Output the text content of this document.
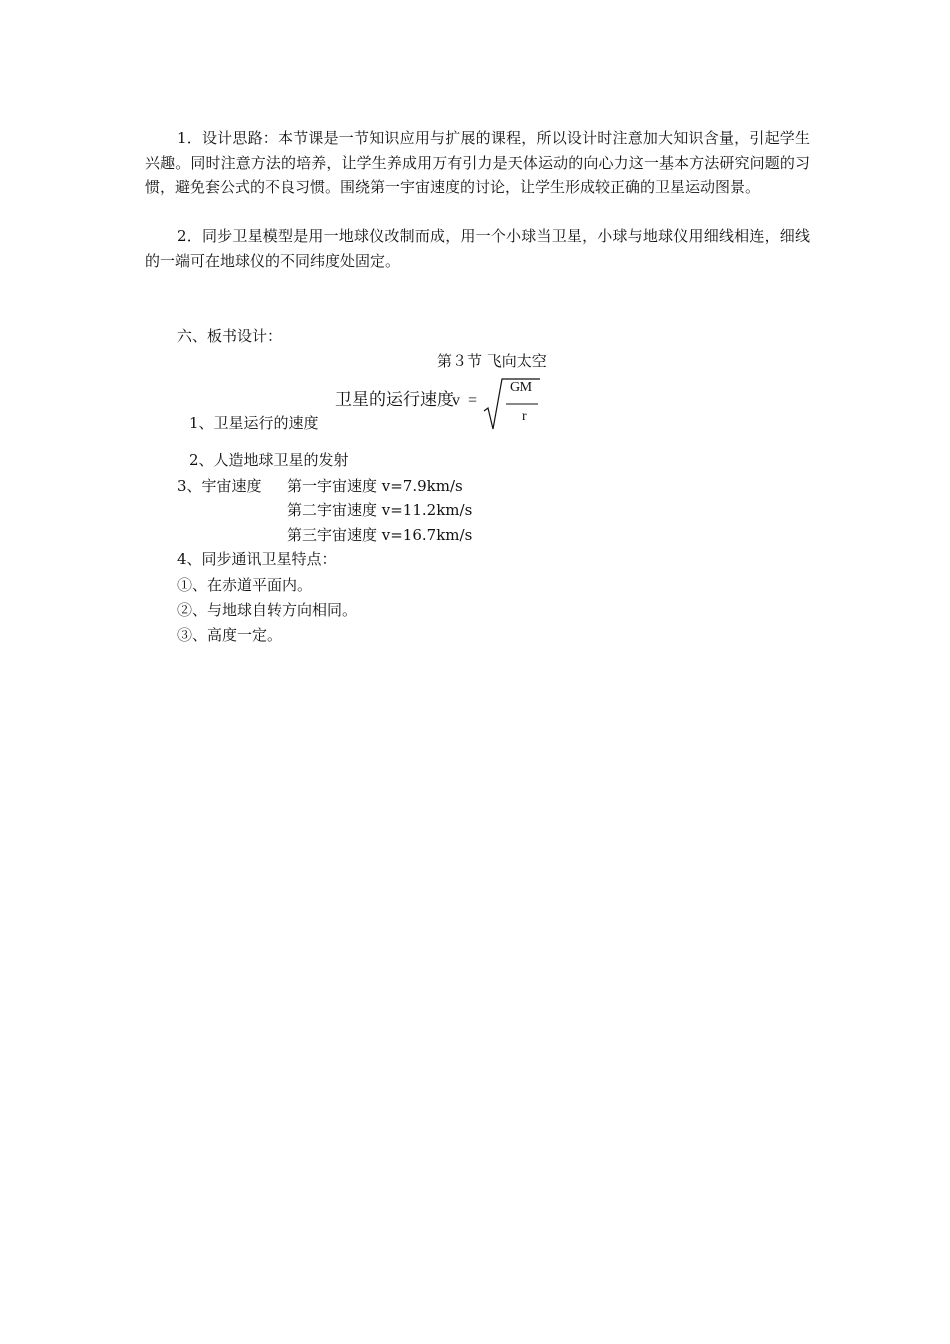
1．设计思路：本节课是一节知识应用与扩展的课程，所以设计时注意加大知识含量，引起学生兴趣。同时注意方法的培养，让学生养成用万有引力是天体运动的向心力这一基本方法研究问题的习惯，避免套公式的不良习惯。围绕第一宇宙速度的讨论，让学生形成较正确的卫星运动图景。

2．同步卫星模型是用一地球仪改制而成，用一个小球当卫星，小球与地球仪用细线相连，细线的一端可在地球仪的不同纬度处固定。

六、板书设计：
第３节 飞向太空
卫星的运行速度
v =
GM
r
1、卫星运行的速度
2、人造地球卫星的发射
3、宇宙速度 第一宇宙速度 v=7.9km/s
第二宇宙速度 v=11.2km/s
第三宇宙速度 v=16.7km/s
4、同步通讯卫星特点：
①、在赤道平面内。
②、与地球自转方向相同。
③、高度一定。
